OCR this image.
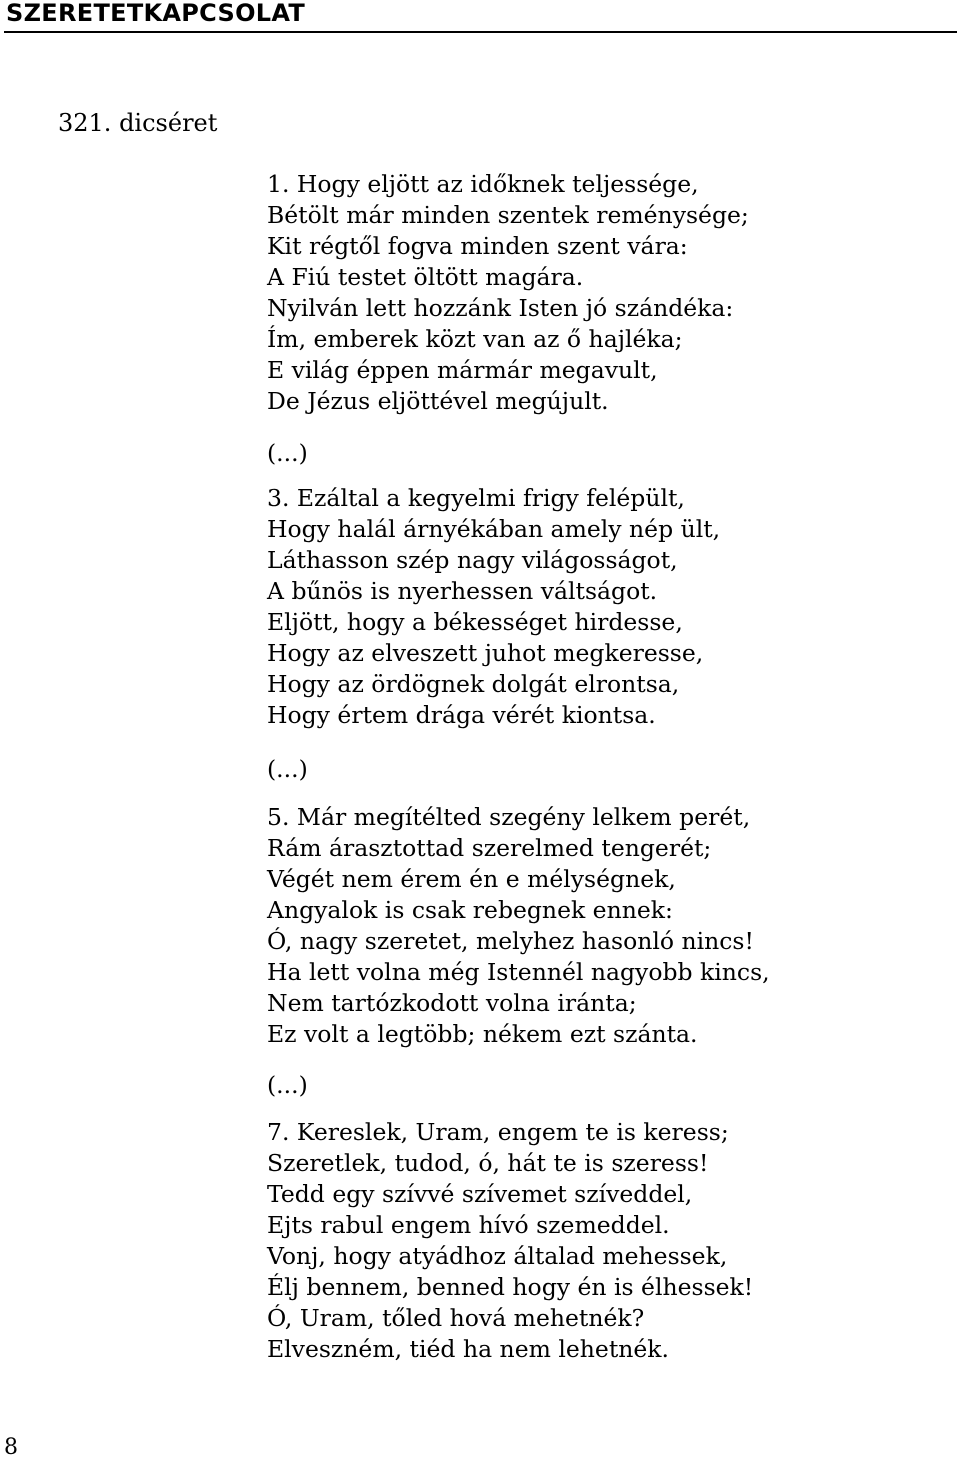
SZERETETKAPCSOLAT
321. dicséret
1. Hogy eljött az időknek teljessége,
Bétölt már minden szentek reménysége;
Kit régtől fogva minden szent vára:
A Fiú testet öltött magára.
Nyilván lett hozzánk Isten jó szándéka:
Ím, emberek közt van az ő hajléka;
E világ éppen mármár megavult,
De Jézus eljöttével megújult.
(...)
3. Ezáltal a kegyelmi frigy felépült,
Hogy halál árnyékában amely nép ült,
Láthasson szép nagy világosságot,
A bűnös is nyerhessen váltságot.
Eljött, hogy a békességet hirdesse,
Hogy az elveszett juhot megkeresse,
Hogy az ördögnek dolgát elrontsa,
Hogy értem drága vérét kiontsa.
(...)
5. Már megítélted szegény lelkem perét,
Rám árasztottad szerelmed tengerét;
Végét nem érem én e mélységnek,
Angyalok is csak rebegnek ennek:
Ó, nagy szeretet, melyhez hasonló nincs!
Ha lett volna még Istennél nagyobb kincs,
Nem tartózkodott volna iránta;
Ez volt a legtöbb; nékem ezt szánta.
(...)
7. Kereslek, Uram, engem te is keress;
Szeretlek, tudod, ó, hát te is szeress!
Tedd egy szívvé szívemet szíveddel,
Ejts rabul engem hívó szemeddel.
Vonj, hogy atyádhoz általad mehessek,
Élj bennem, benned hogy én is élhessek!
Ó, Uram, tőled hová mehetnék?
Elveszném, tiéd ha nem lehetnék.
8
